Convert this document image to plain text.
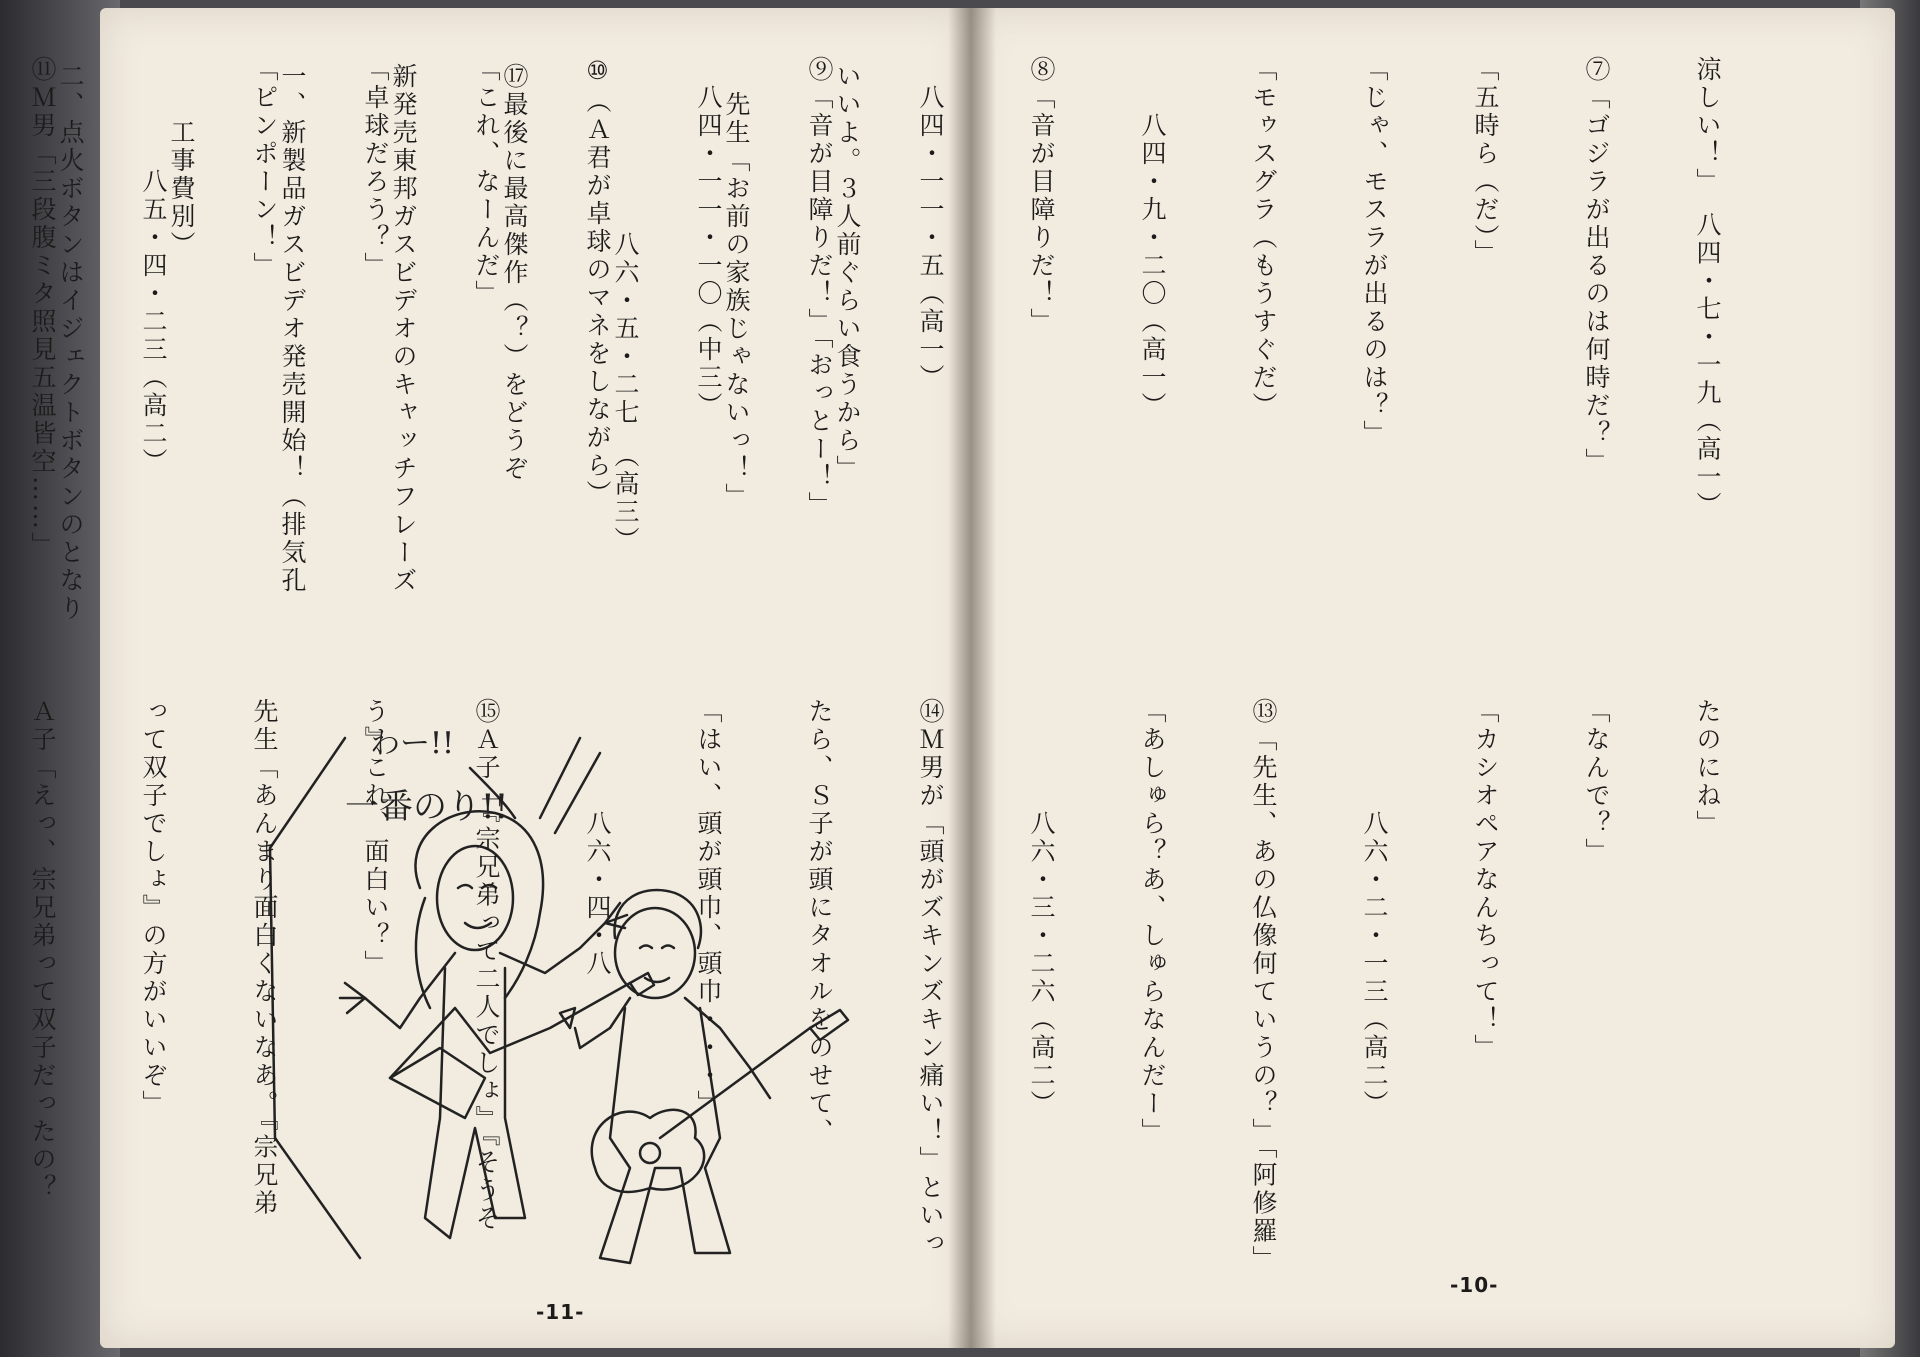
いいよ。３人前ぐらい食うから」

　先生「お前の家族じゃないっ！」

　　　　　　八六・五・二七　（高三）

⑰最後に最高傑作（？）をどうぞ

新発売東邦ガスビデオのキャッチフレーズ

一、新製品ガスビデオ発売開始！（排気孔

　　工事費別）

二、点火ボタンはイジェクトボタンのとなり

わー!!
一番のり!!
-11-

涼しい！」　八四・七・一九（高一）

⑦「ゴジラが出るのは何時だ？」

「五時ら（だ）」

「じゃ、モスラが出るのは？」

「モゥスグラ（もうすぐだ）

　　八四・九・二〇（高一）

⑧「音が目障りだ！」

　八四・一一・五（高一）

⑨「音が目障りだ！」「おっとー！」

　八四・一一・一〇（中三）

⑩（Ａ君が卓球のマネをしながら）

「これ、なーんだ」

「卓球だろう？」

「ピンポーン！」

　　　　八五・四・二三（高二）

⑪Ｍ男「三段腹ミタ照見五温皆空……」

たのにね」

「なんで？」

「カシオペアなんちって！」

　　　　八六・二・一三（高二）

⑬「先生、あの仏像何ていうの？」「阿修羅」

「あしゅら？あ、しゅらなんだー」

　　　　八六・三・二六（高二）

⑭Ｍ男が「頭がズキンズキン痛い！」といっ

たら、Ｓ子が頭にタオルをのせて、

「はい、頭が頭巾、頭巾・・・」

　　　　八六・四・八

⑮Ａ子「『宗兄弟って二人でしょ』『そうそ

う』これ、面白い？」

先生「あんまり面白くないなあ。『宗兄弟

って双子でしょ』の方がいいぞ」

Ａ子「えっ、宗兄弟って双子だったの？

-10-
